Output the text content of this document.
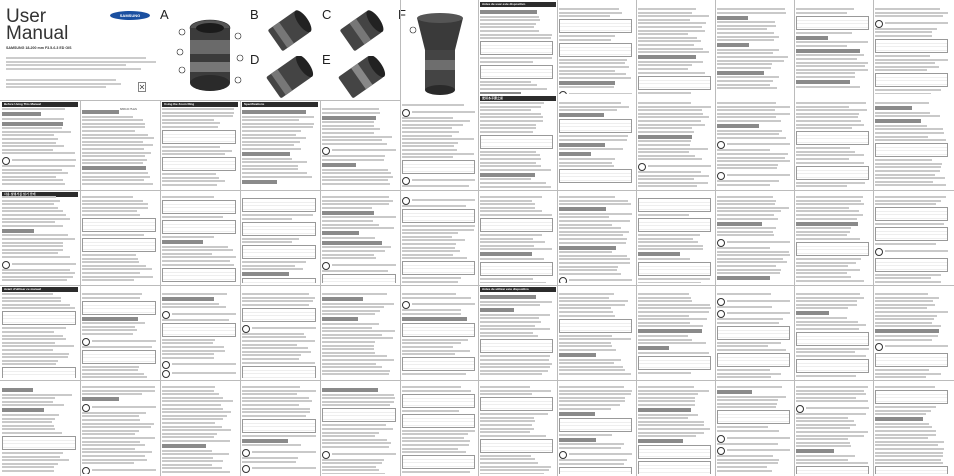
User
Manual
SAMSUNG
SAMSUNG 18-200 mm F3.5-6.3 ED OIS
6806-0175-EN
A	B	C
D	E
F
Before Using This Manual	Using the Zoom Ring	Specifications
Antes de usar este dispositivo
Antes de utilizar este dispositivo
Avant d'utiliser ce manuel
사용 설명서를 읽기 전에
使用本手册之前
